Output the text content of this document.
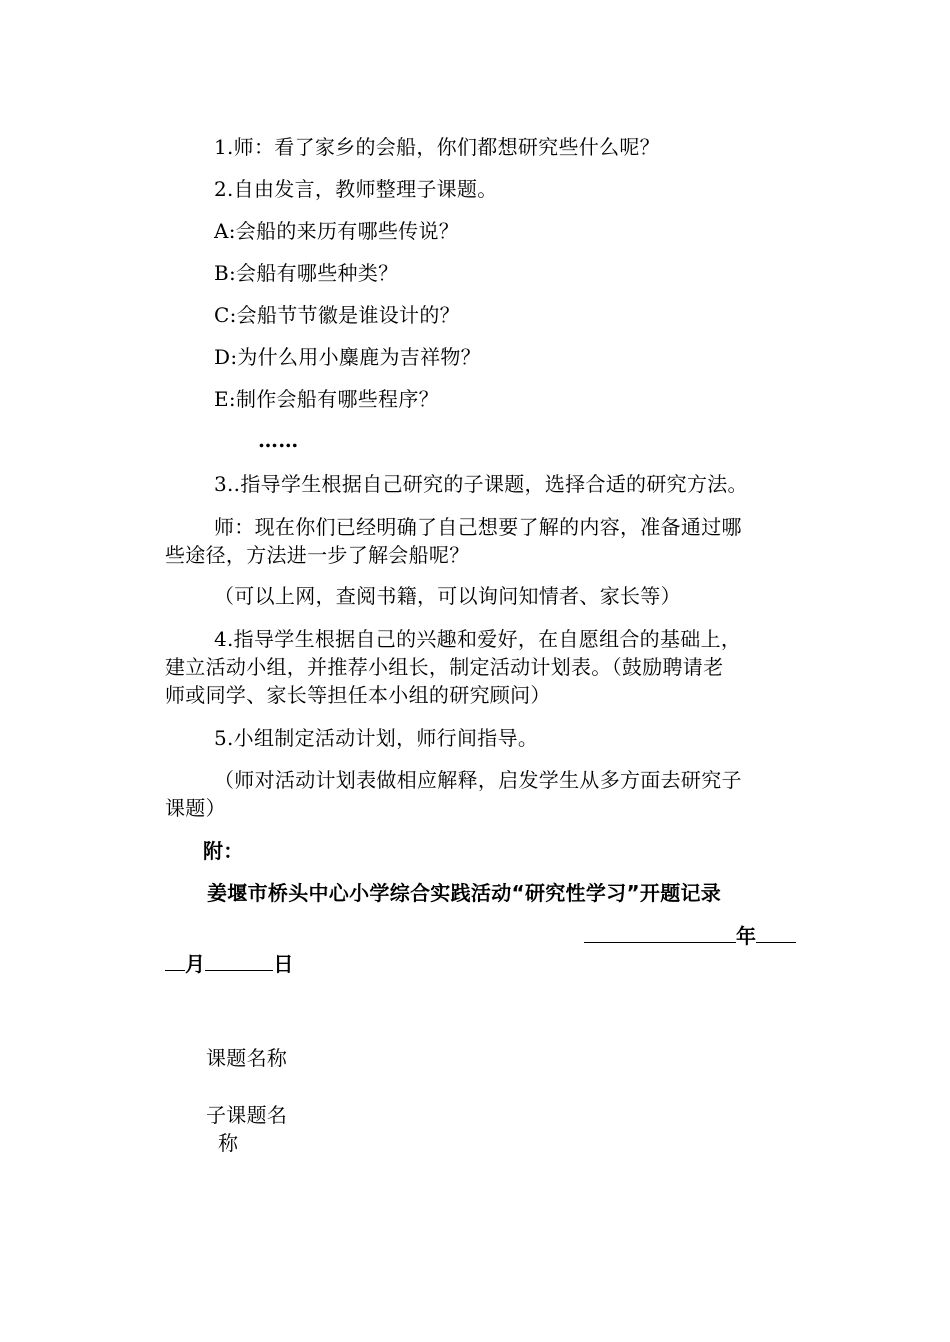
1.师：看了家乡的会船，你们都想研究些什么呢？
2.自由发言，教师整理子课题。
A:会船的来历有哪些传说？
B:会船有哪些种类？
C:会船节节徽是谁设计的？
D:为什么用小麋鹿为吉祥物？
E:制作会船有哪些程序？
……
3..指导学生根据自己研究的子课题，选择合适的研究方法。
师：现在你们已经明确了自己想要了解的内容，准备通过哪
些途径，方法进一步了解会船呢？
（可以上网，查阅书籍，可以询问知情者、家长等）
4.指导学生根据自己的兴趣和爱好，在自愿组合的基础上，
建立活动小组，并推荐小组长，制定活动计划表。（鼓励聘请老
师或同学、家长等担任本小组的研究顾问）
5.小组制定活动计划，师行间指导。
（师对活动计划表做相应解释，启发学生从多方面去研究子
课题）
附：
姜堰市桥头中心小学综合实践活动“研究性学习”开题记录
年
月	日
课题名称
子课题名
称
